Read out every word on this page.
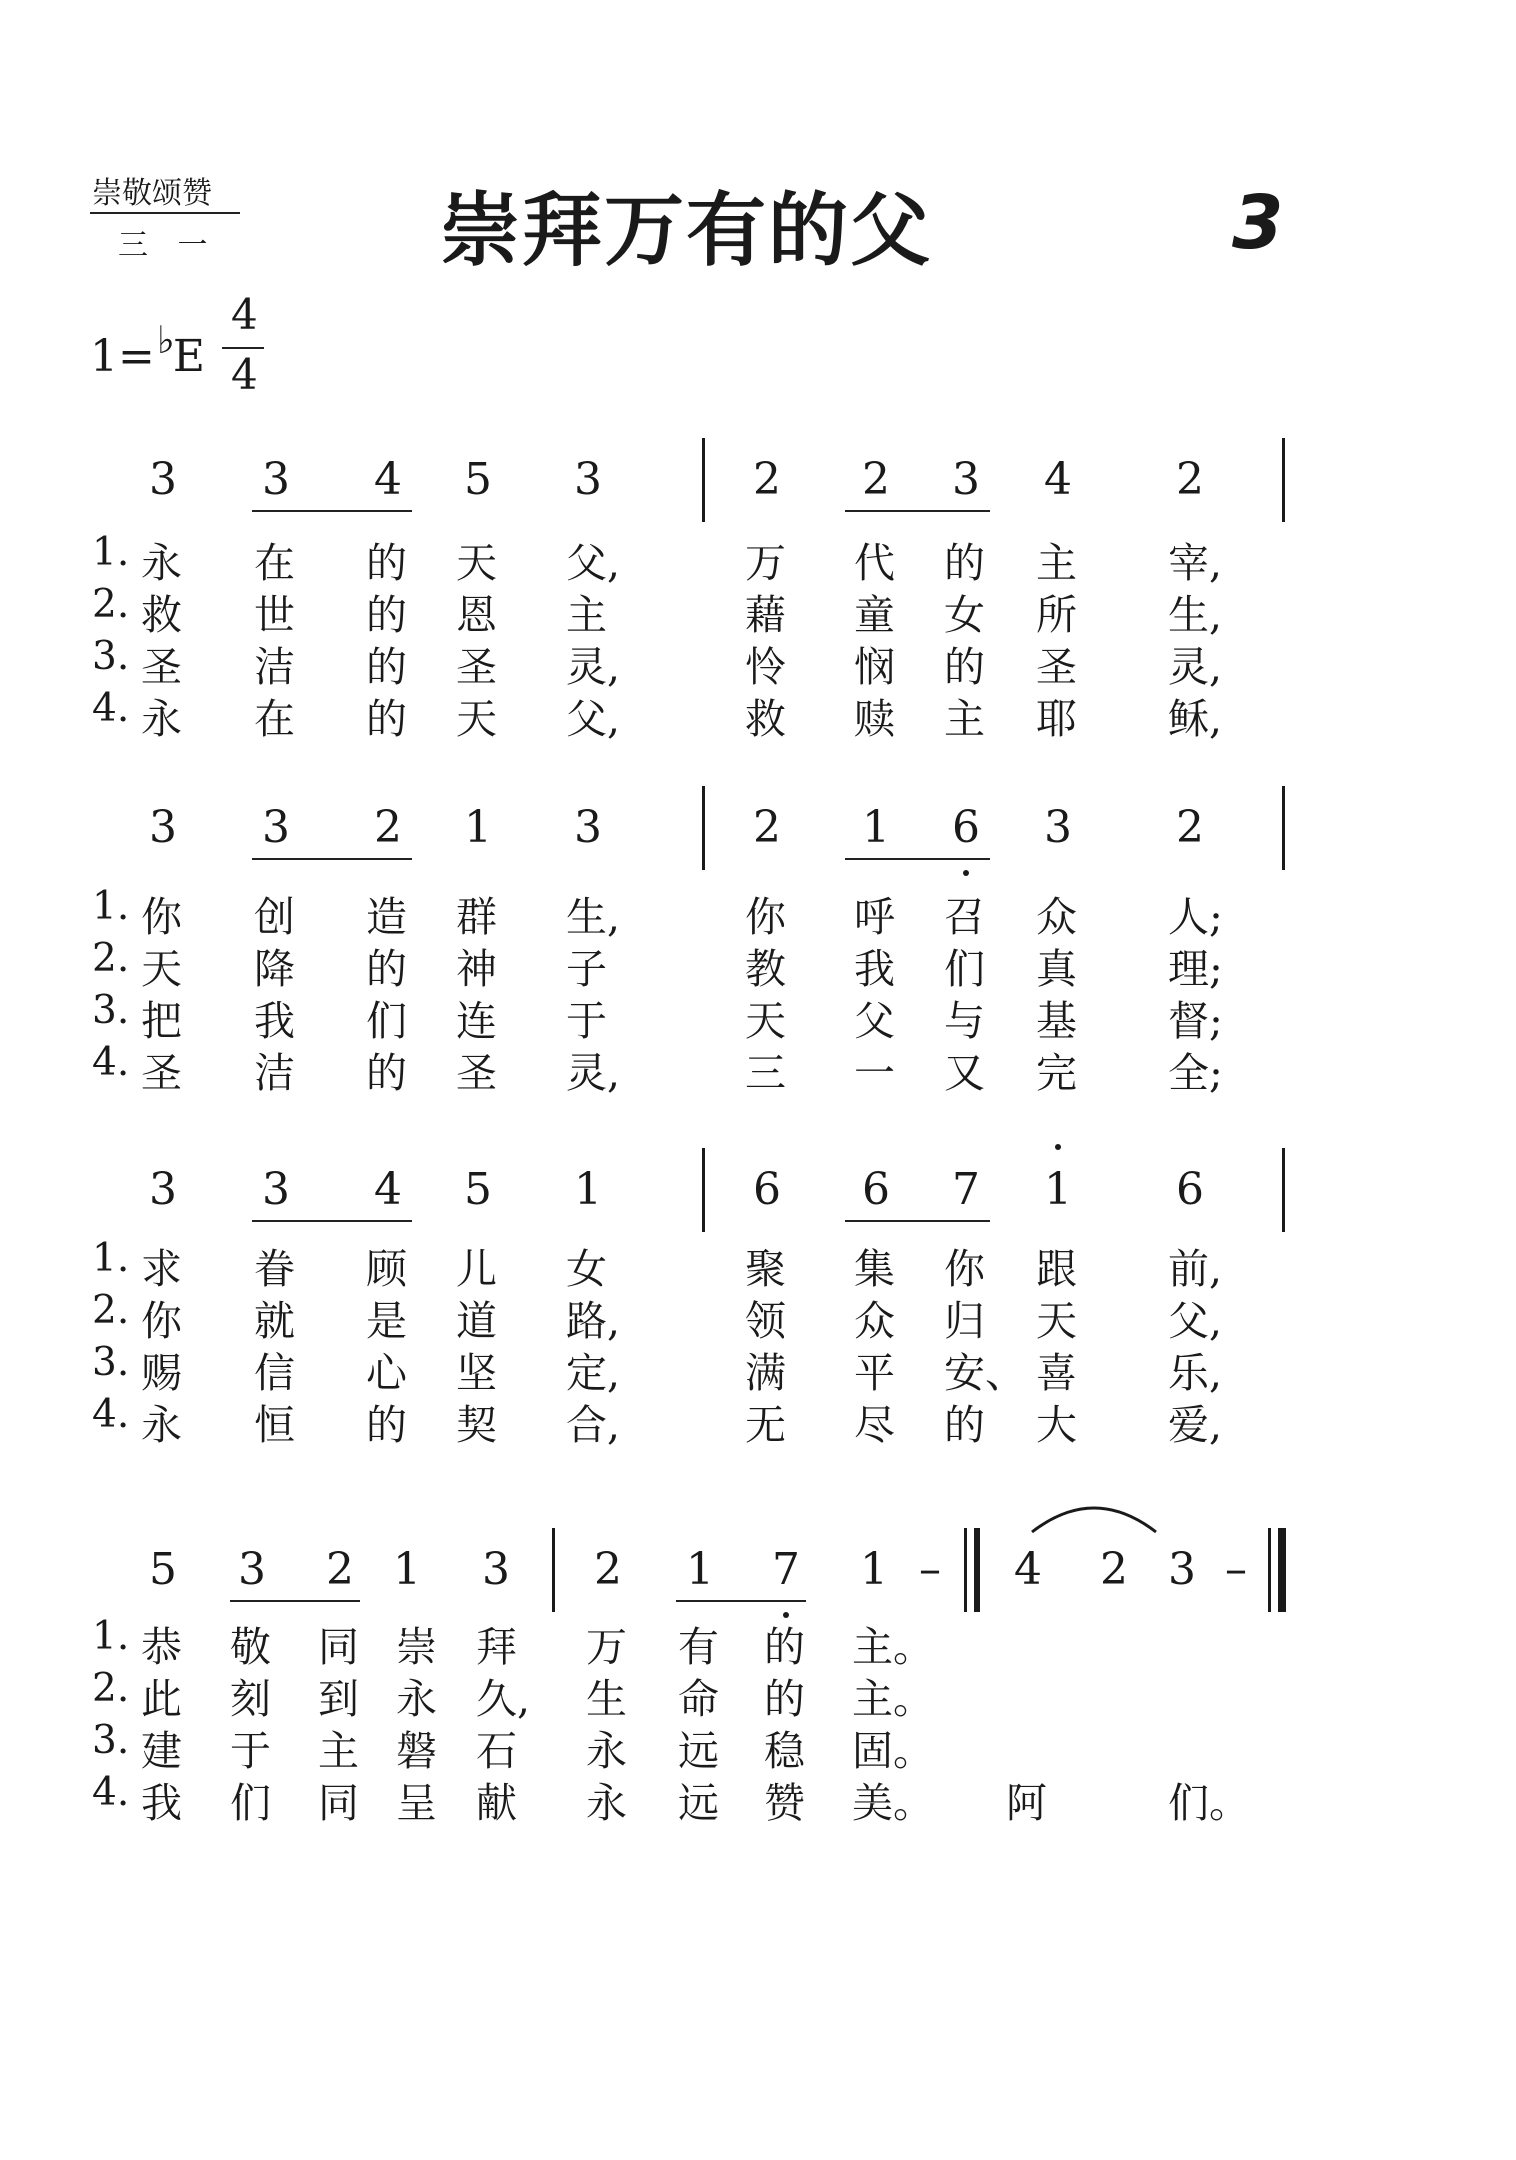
崇敬颂赞
三 一	崇拜万有的父	3
1=♭E
4
4
3 3 4 5 3	2 2 3 4 2
1. 永 在 的 天 父,	万 代 的 主 宰,
2. 救 世 的 恩 主	藉 童 女 所 生,
3. 圣 洁 的 圣 灵,	怜 悯 的 圣 灵,
4. 永 在 的 天 父,	救 赎 主 耶 稣,
3 3 2 1 3	2 1 6 3 2
1. 你 创 造 群 生,	你 呼 召 众 人;
2. 天 降 的 神 子	教 我 们 真 理;
3. 把 我 们 连 于	天 父 与 基 督;
4. 圣 洁 的 圣 灵,	三 一 又 完 全;
3 3 4 5 1	6 6 7 1 6
1. 求 眷 顾 儿 女	聚 集 你 跟 前,
2. 你 就 是 道 路,	领 众 归 天 父,
3. 赐 信 心 坚 定,	满 平 安、 喜 乐,
4. 永 恒 的 契 合,	无 尽 的 大 爱,
5 3 2 1 3 2 1 7 1 – 4 2 3 –
1. 恭 敬 同 崇 拜 万 有 的 主。
2. 此 刻 到 永 久, 生 命 的 主。
3. 建 于 主 磐 石 永 远 稳 固。
4. 我 们 同 呈 献 永 远 赞 美。 阿	们。
